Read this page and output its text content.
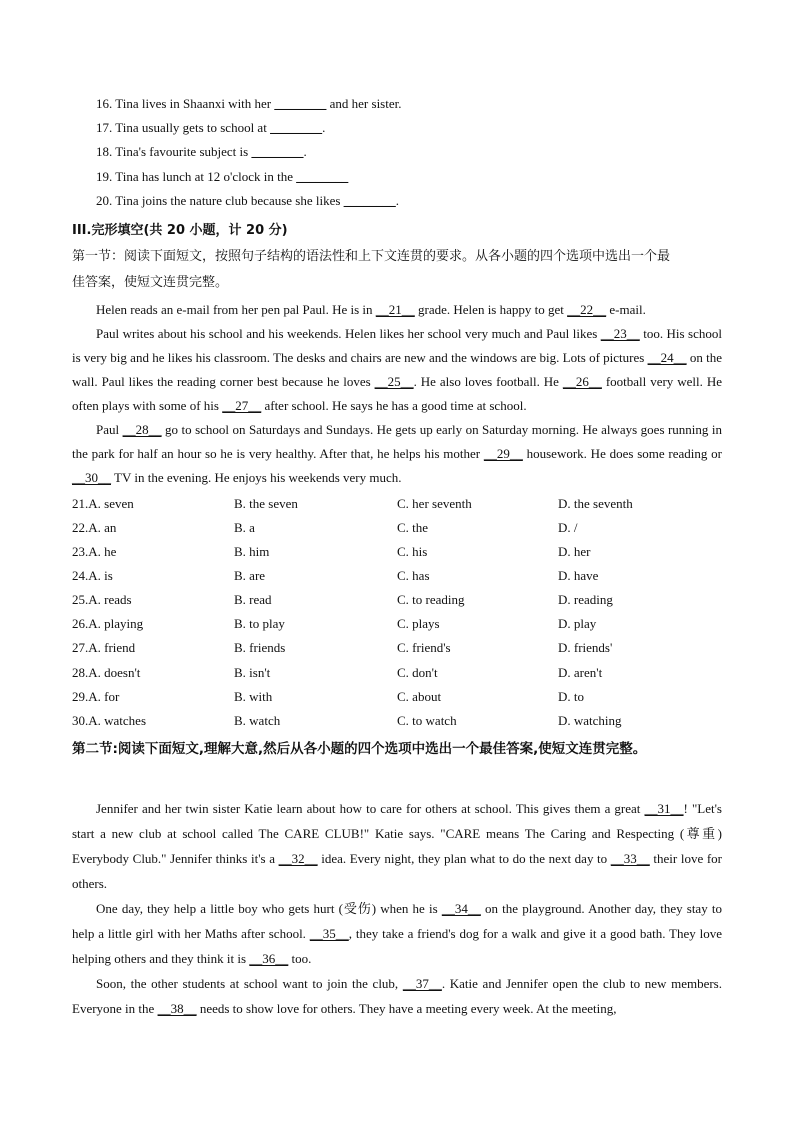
16. Tina lives in Shaanxi with her ________ and her sister.
17. Tina usually gets to school at ________.
18. Tina's favourite subject is ________.
19. Tina has lunch at 12 o'clock in the ________
20. Tina joins the nature club because she likes ________.
III.完形填空(共 20 小题，计 20 分)
第一节：阅读下面短文，按照句子结构的语法性和上下文连贯的要求。从各小题的四个选项中选出一个最
佳答案，使短文连贯完整。

Helen reads an e-mail from her pen pal Paul. He is in __21__ grade. Helen is happy to get __22__ e-mail.

Paul writes about his school and his weekends. Helen likes her school very much and Paul likes __23__ too. His school is very big and he likes his classroom. The desks and chairs are new and the windows are big. Lots of pictures __24__ on the wall. Paul likes the reading corner best because he loves __25__. He also loves football. He __26__ football very well. He often plays with some of his __27__ after school. He says he has a good time at school.

Paul __28__ go to school on Saturdays and Sundays. He gets up early on Saturday morning. He always goes running in the park for half an hour so he is very healthy. After that, he helps his mother __29__ housework. He does some reading or __30__ TV in the evening. He enjoys his weekends very much.

21.A. seven	B. the seven	C. her seventh	D. the seventh
22.A. an	B. a	C. the	D. /
23.A. he	B. him	C. his	D. her
24.A. is	B. are	C. has	D. have
25.A. reads	B. read	C. to reading	D. reading
26.A. playing	B. to play	C. plays	D. play
27.A. friend	B. friends	C. friend's	D. friends'
28.A. doesn't	B. isn't	C. don't	D. aren't
29.A. for	B. with	C. about	D. to
30.A. watches	B. watch	C. to watch	D. watching
第二节:阅读下面短文,理解大意,然后从各小题的四个选项中选出一个最佳答案,使短文连贯完整。

Jennifer and her twin sister Katie learn about how to care for others at school. This gives them a great __31__! "Let's start a new club at school called The CARE CLUB!" Katie says. "CARE means The Caring and Respecting (尊重) Everybody Club." Jennifer thinks it's a __32__ idea. Every night, they plan what to do the next day to __33__ their love for others.

One day, they help a little boy who gets hurt (受伤) when he is __34__ on the playground. Another day, they stay to help a little girl with her Maths after school. __35__, they take a friend's dog for a walk and give it a good bath. They love helping others and they think it is __36__ too.

Soon, the other students at school want to join the club, __37__. Katie and Jennifer open the club to new members. Everyone in the __38__ needs to show love for others. They have a meeting every week. At the meeting,
